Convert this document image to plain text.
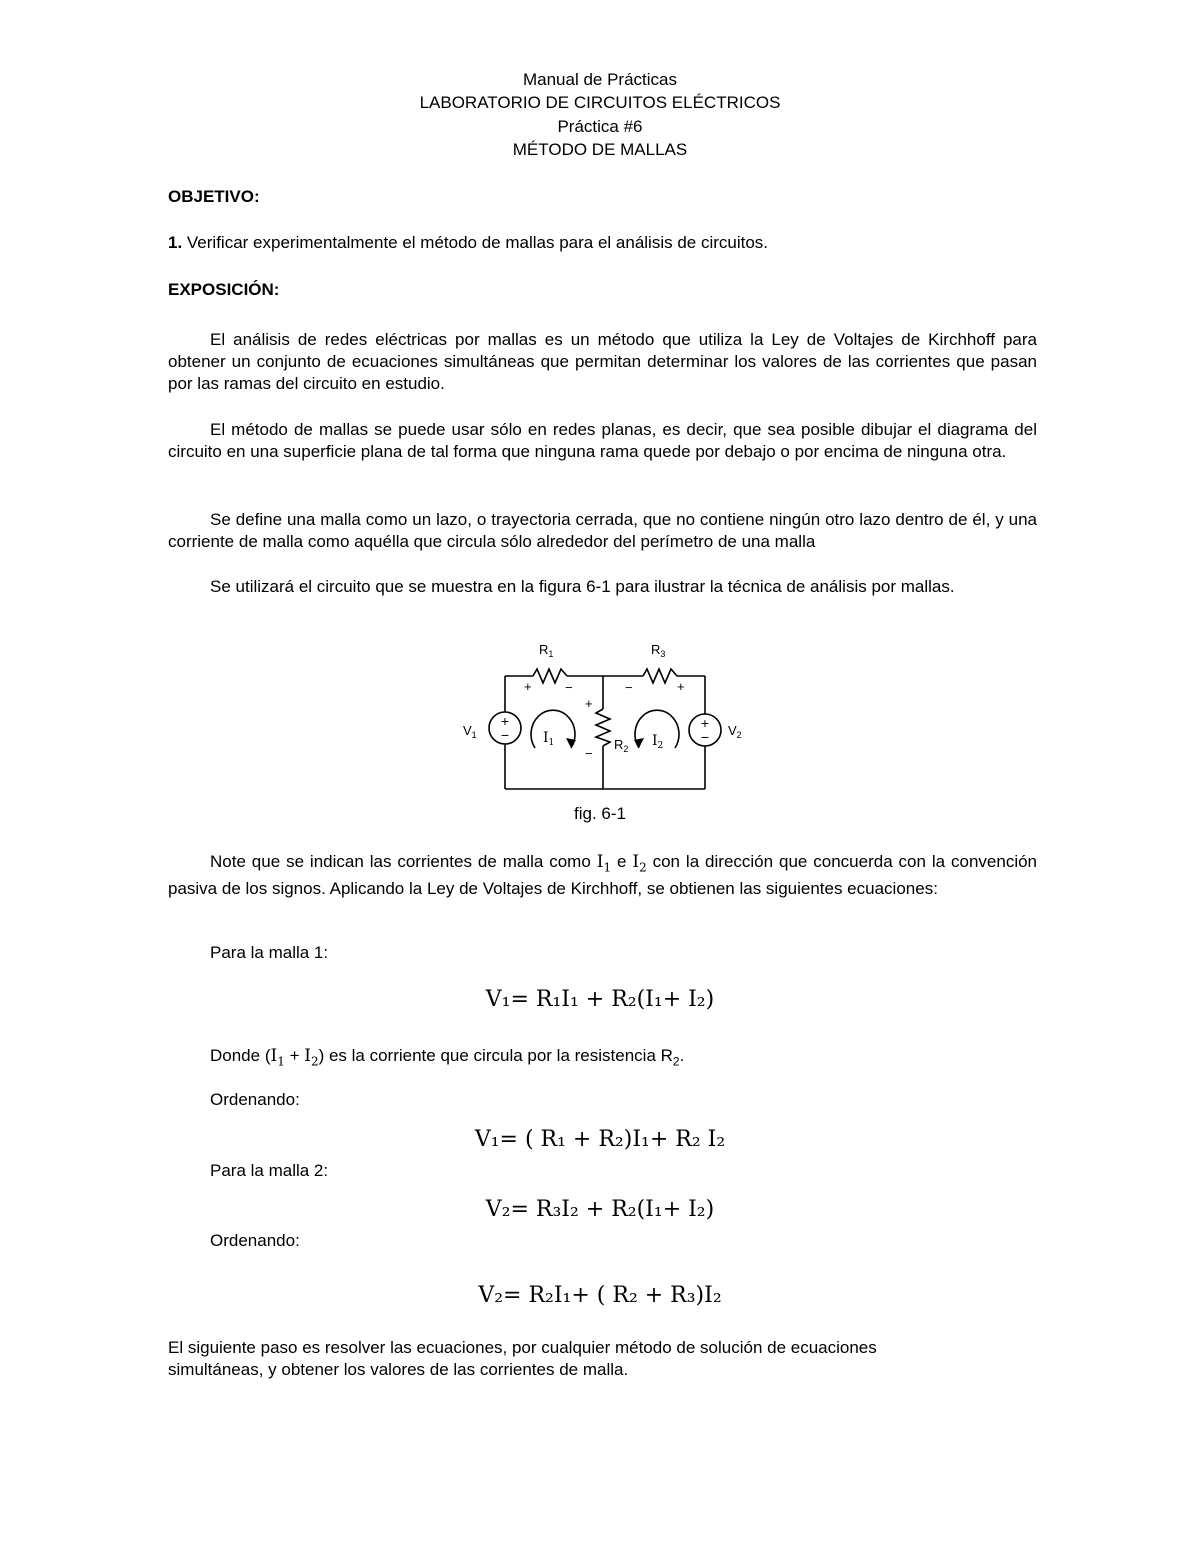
Manual de Prácticas
LABORATORIO DE CIRCUITOS ELÉCTRICOS
Práctica #6
MÉTODO DE MALLAS
OBJETIVO:
1. Verificar experimentalmente el método de mallas para el análisis de circuitos.
EXPOSICIÓN:
El análisis de redes eléctricas por mallas es un método que utiliza la Ley de Voltajes de Kirchhoff para obtener un conjunto de ecuaciones simultáneas que permitan determinar los valores de las corrientes que pasan por las ramas del circuito en estudio.
El método de mallas se puede usar sólo en redes planas, es decir, que sea posible dibujar el diagrama del circuito en una superficie plana de tal forma que ninguna rama quede por debajo o por encima de ninguna otra.
Se define una malla como un lazo, o trayectoria cerrada, que no contiene ningún otro lazo dentro de él, y una corriente de malla como aquélla que circula sólo alrededor del perímetro de una malla
Se utilizará el circuito que se muestra en la figura 6-1 para ilustrar la técnica de análisis por mallas.
+
−
+
−
$R_1$	$R_3$
$R_2$
$V_1$	$V_2$
$I_1$	$I_2$
+	−	−	+
+
−
fig. 6-1
Note que se indican las corrientes de malla como $I_1$ e $I_2$ con la dirección que concuerda con la convención pasiva de los signos. Aplicando la Ley de Voltajes de Kirchhoff, se obtienen las siguientes ecuaciones:
Para la malla 1:
V₁= R₁I₁ + R₂(I₁+ I₂)
Donde $(I_1 + I_2)$ es la corriente que circula por la resistencia $R_2$.
Ordenando:
V₁= ( R₁ + R₂)I₁+ R₂ I₂
Para la malla 2:
V₂= R₃I₂ + R₂(I₁+ I₂)
Ordenando:
V₂= R₂I₁+ ( R₂ + R₃)I₂
El siguiente paso es resolver las ecuaciones, por cualquier método de solución de ecuaciones simultáneas, y obtener los valores de las corrientes de malla.
